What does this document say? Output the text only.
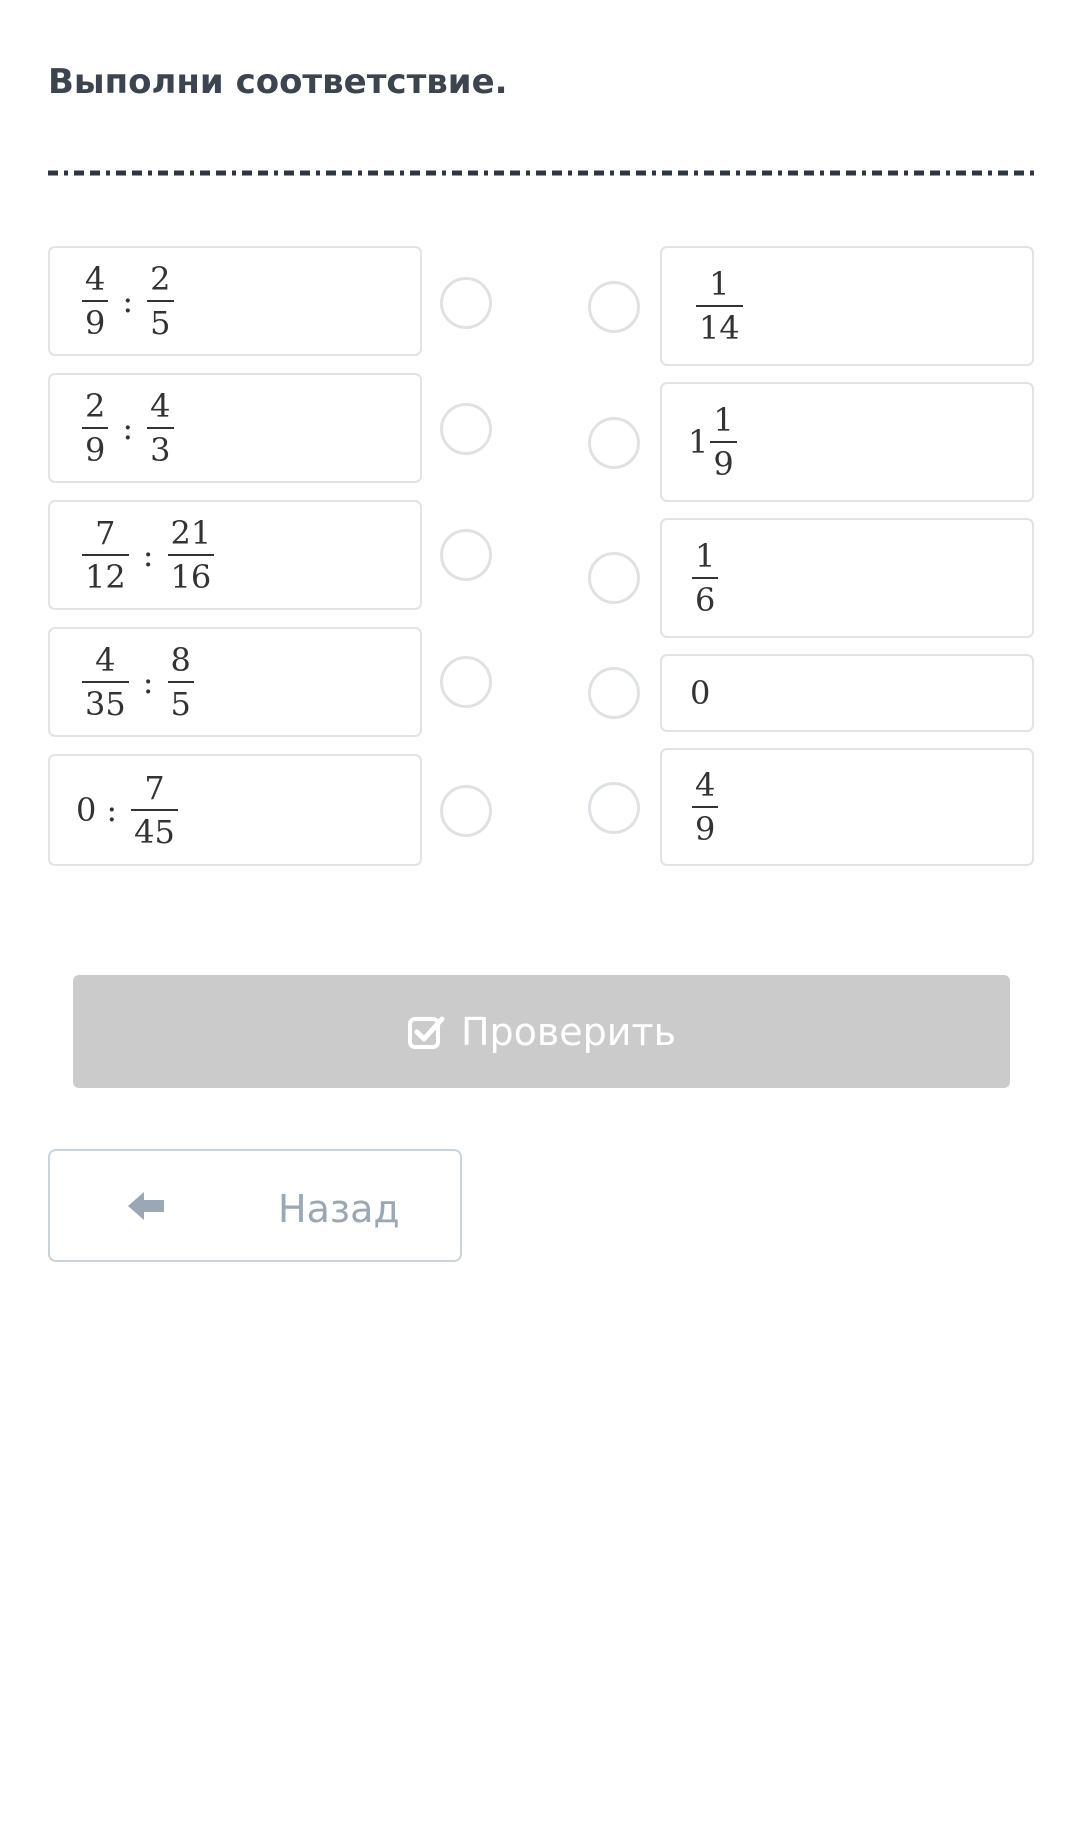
Выполни соответствие.
$\frac{4}{9}$ : $\frac{2}{5}$
$\frac{2}{9}$ : $\frac{4}{3}$
$\frac{7}{12}$ : $\frac{21}{16}$
$\frac{4}{35}$ : $\frac{8}{5}$
0 : $\frac{7}{45}$
$\frac{1}{14}$
$1 \frac{1}{9}$
$\frac{1}{6}$
0
$\frac{4}{9}$
Проверить
Назад
